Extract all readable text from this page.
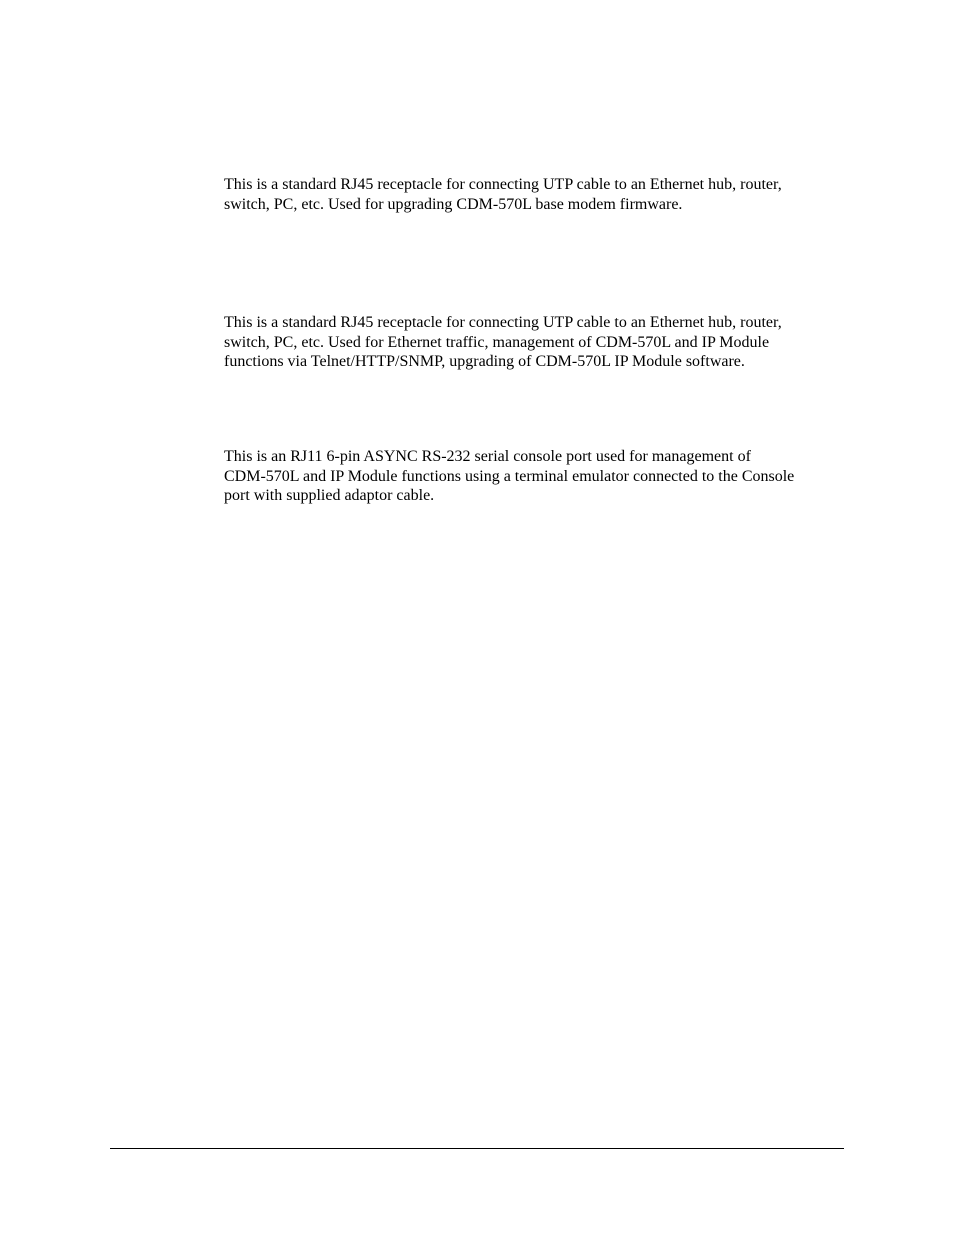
This is a standard RJ45 receptacle for connecting UTP cable to an Ethernet hub, router,
switch, PC, etc. Used for upgrading CDM-570L base modem firmware.

This is a standard RJ45 receptacle for connecting UTP cable to an Ethernet hub, router,
switch, PC, etc. Used for Ethernet traffic, management of CDM-570L and IP Module
functions via Telnet/HTTP/SNMP, upgrading of CDM-570L IP Module software.

This is an RJ11 6-pin ASYNC RS-232 serial console port used for management of
CDM-570L and IP Module functions using a terminal emulator connected to the Console
port with supplied adaptor cable.
